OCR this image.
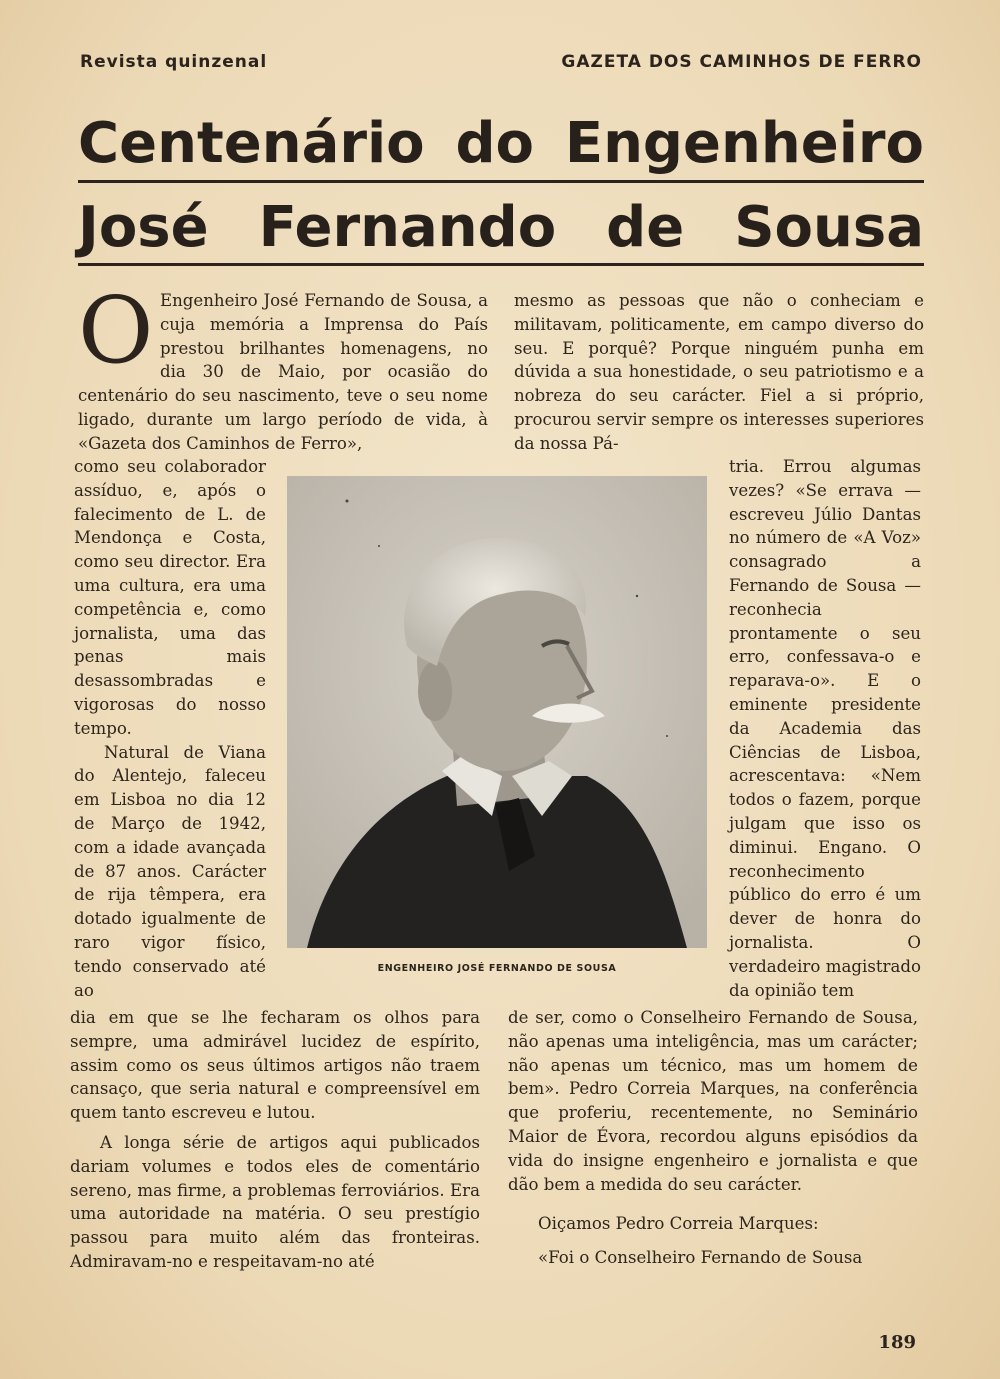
Revista quinzenal	GAZETA DOS CAMINHOS DE FERRO
Centenário do Engenheiro
José Fernando de Sousa
O Engenheiro José Fernando de Sousa, a cuja memória a Imprensa do País prestou brilhantes homenagens, no dia 30 de Maio, por ocasião do centenário do seu nascimento, teve o seu nome ligado, durante um largo período de vida, à «Gazeta dos Caminhos de Ferro»,

como seu colaborador assíduo, e, após o falecimento de L. de Mendonça e Costa, como seu director. Era uma cultura, era uma competência e, como jornalista, uma das penas mais desassombradas e vigorosas do nosso tempo.

Natural de Viana do Alentejo, faleceu em Lisboa no dia 12 de Março de 1942, com a idade avançada de 87 anos. Carácter de rija têmpera, era dotado igualmente de raro vigor físico, tendo conservado até ao

dia em que se lhe fecharam os olhos para sempre, uma admirável lucidez de espírito, assim como os seus últimos artigos não traem cansaço, que seria natural e compreensível em quem tanto escreveu e lutou.

A longa série de artigos aqui publicados dariam volumes e todos eles de comentário sereno, mas firme, a problemas ferroviários. Era uma autoridade na matéria. O seu prestígio passou para muito além das fronteiras. Admiravam-no e respeitavam-no até

mesmo as pessoas que não o conheciam e militavam, politicamente, em campo diverso do seu. E porquê? Porque ninguém punha em dúvida a sua honestidade, o seu patriotismo e a nobreza do seu carácter. Fiel a si próprio, procurou servir sempre os interesses superiores da nossa Pá-

tria. Errou algumas vezes? «Se errava — escreveu Júlio Dantas no número de «A Voz» consagrado a Fernando de Sousa — reconhecia prontamente o seu erro, confessava-o e reparava-o». E o eminente presidente da Academia das Ciências de Lisboa, acrescentava: «Nem todos o fazem, porque julgam que isso os diminui. Engano. O reconhecimento público do erro é um dever de honra do jornalista. O verdadeiro magistrado da opinião tem

de ser, como o Conselheiro Fernando de Sousa, não apenas uma inteligência, mas um carácter; não apenas um técnico, mas um homem de bem». Pedro Correia Marques, na conferência que proferiu, recentemente, no Seminário Maior de Évora, recordou alguns episódios da vida do insigne engenheiro e jornalista e que dão bem a medida do seu carácter.

Oiçamos Pedro Correia Marques:

«Foi o Conselheiro Fernando de Sousa

ENGENHEIRO JOSÉ FERNANDO DE SOUSA
189
